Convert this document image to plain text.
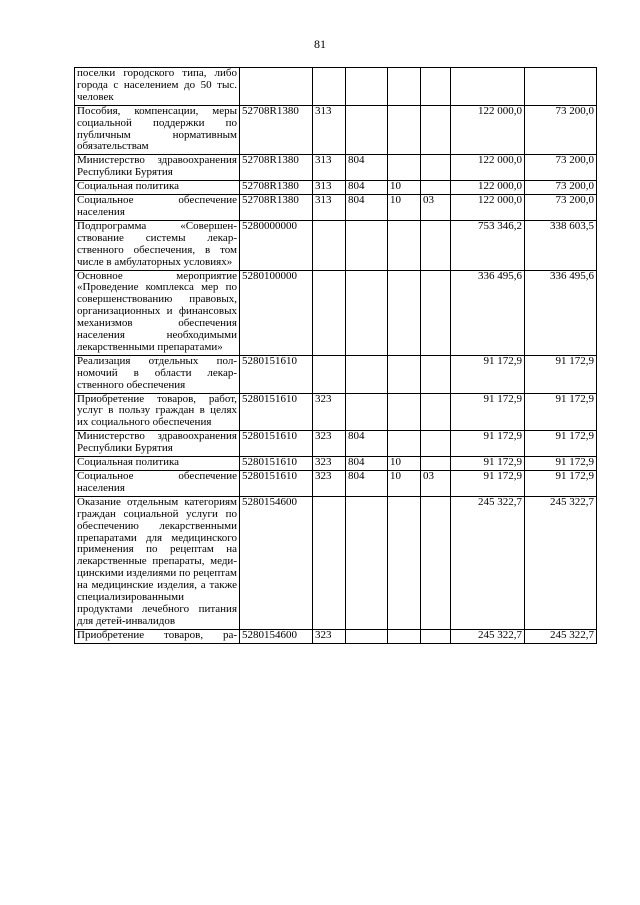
81
поселки городского типа, либо города с населением до 50 тыс. человек							
Пособия, компенсации, меры социальной поддержки по публичным нормативным обязательствам	52708R1380	313				122 000,0	73 200,0
Министерство здравоохранения Республики Бурятия	52708R1380	313	804			122 000,0	73 200,0
Социальная политика	52708R1380	313	804	10		122 000,0	73 200,0
Социальное обеспечение населения	52708R1380	313	804	10	03	122 000,0	73 200,0
Подпрограмма «Совершенствование системы лекарственного обеспечения, в том числе в амбулаторных условиях»	5280000000					753 346,2	338 603,5
Основное мероприятие «Проведение комплекса мер по совершенствованию правовых, организационных и финансовых механизмов обеспечения населения необходимыми лекарственными препаратами»	5280100000					336 495,6	336 495,6
Реализация отдельных полномочий в области лекарственного обеспечения	5280151610					91 172,9	91 172,9
Приобретение товаров, работ, услуг в пользу граждан в целях их социального обеспечения	5280151610	323				91 172,9	91 172,9
Министерство здравоохранения Республики Бурятия	5280151610	323	804			91 172,9	91 172,9
Социальная политика	5280151610	323	804	10		91 172,9	91 172,9
Социальное обеспечение населения	5280151610	323	804	10	03	91 172,9	91 172,9
Оказание отдельным категориям граждан социальной услуги по обеспечению лекарственными препаратами для медицинского применения по рецептам на лекарственные препараты, медицинскими изделиями по рецептам на медицинские изделия, а также специализированными продуктами лечебного питания для детей-инвалидов	5280154600					245 322,7	245 322,7
Приобретение товаров, ра-	5280154600	323				245 322,7	245 322,7
